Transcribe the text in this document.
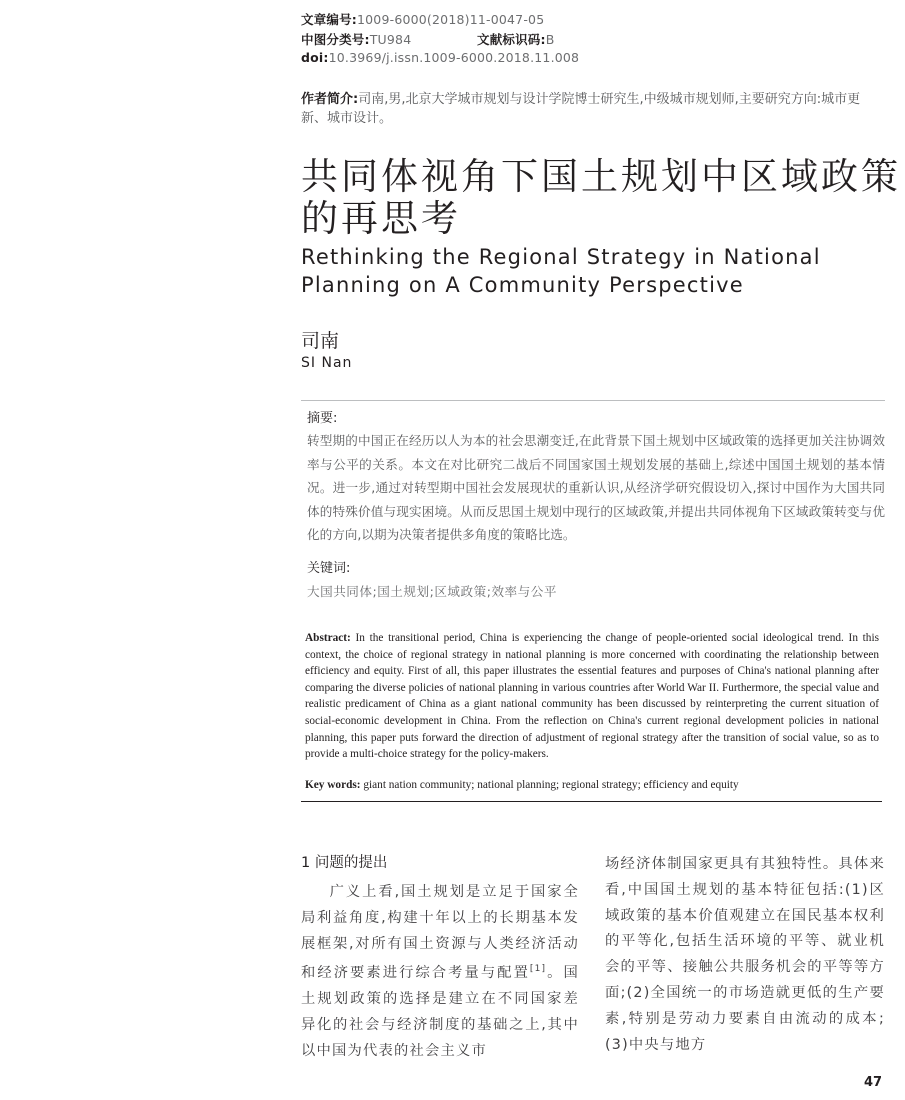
文章编号:1009-6000(2018)11-0047-05
中图分类号:TU984	文献标识码:B
doi:10.3969/j.issn.1009-6000.2018.11.008
作者简介:司南,男,北京大学城市规划与设计学院博士研究生,中级城市规划师,主要研究方向:城市更新、城市设计。
共同体视角下国土规划中区域政策的再思考
Rethinking the Regional Strategy in National Planning on A Community Perspective
司南
SI Nan
摘要:
转型期的中国正在经历以人为本的社会思潮变迁,在此背景下国土规划中区域政策的选择更加关注协调效率与公平的关系。本文在对比研究二战后不同国家国土规划发展的基础上,综述中国国土规划的基本情况。进一步,通过对转型期中国社会发展现状的重新认识,从经济学研究假设切入,探讨中国作为大国共同体的特殊价值与现实困境。从而反思国土规划中现行的区域政策,并提出共同体视角下区域政策转变与优化的方向,以期为决策者提供多角度的策略比选。
关键词:
大国共同体;国土规划;区域政策;效率与公平
Abstract: In the transitional period, China is experiencing the change of people-oriented social ideological trend. In this context, the choice of regional strategy in national planning is more concerned with coordinating the relationship between efficiency and equity. First of all, this paper illustrates the essential features and purposes of China's national planning after comparing the diverse policies of national planning in various countries after World War II. Furthermore, the special value and realistic predicament of China as a giant national community has been discussed by reinterpreting the current situation of social-economic development in China. From the reflection on China's current regional development policies in national planning, this paper puts forward the direction of adjustment of regional strategy after the transition of social value, so as to provide a multi-choice strategy for the policy-makers.
Key words: giant nation community; national planning; regional strategy; efficiency and equity
1 问题的提出
广义上看,国土规划是立足于国家全局利益角度,构建十年以上的长期基本发展框架,对所有国土资源与人类经济活动和经济要素进行综合考量与配置[1]。国土规划政策的选择是建立在不同国家差异化的社会与经济制度的基础之上,其中以中国为代表的社会主义市
场经济体制国家更具有其独特性。具体来看,中国国土规划的基本特征包括:(1)区域政策的基本价值观建立在国民基本权利的平等化,包括生活环境的平等、就业机会的平等、接触公共服务机会的平等等方面;(2)全国统一的市场造就更低的生产要素,特别是劳动力要素自由流动的成本;(3)中央与地方
47
